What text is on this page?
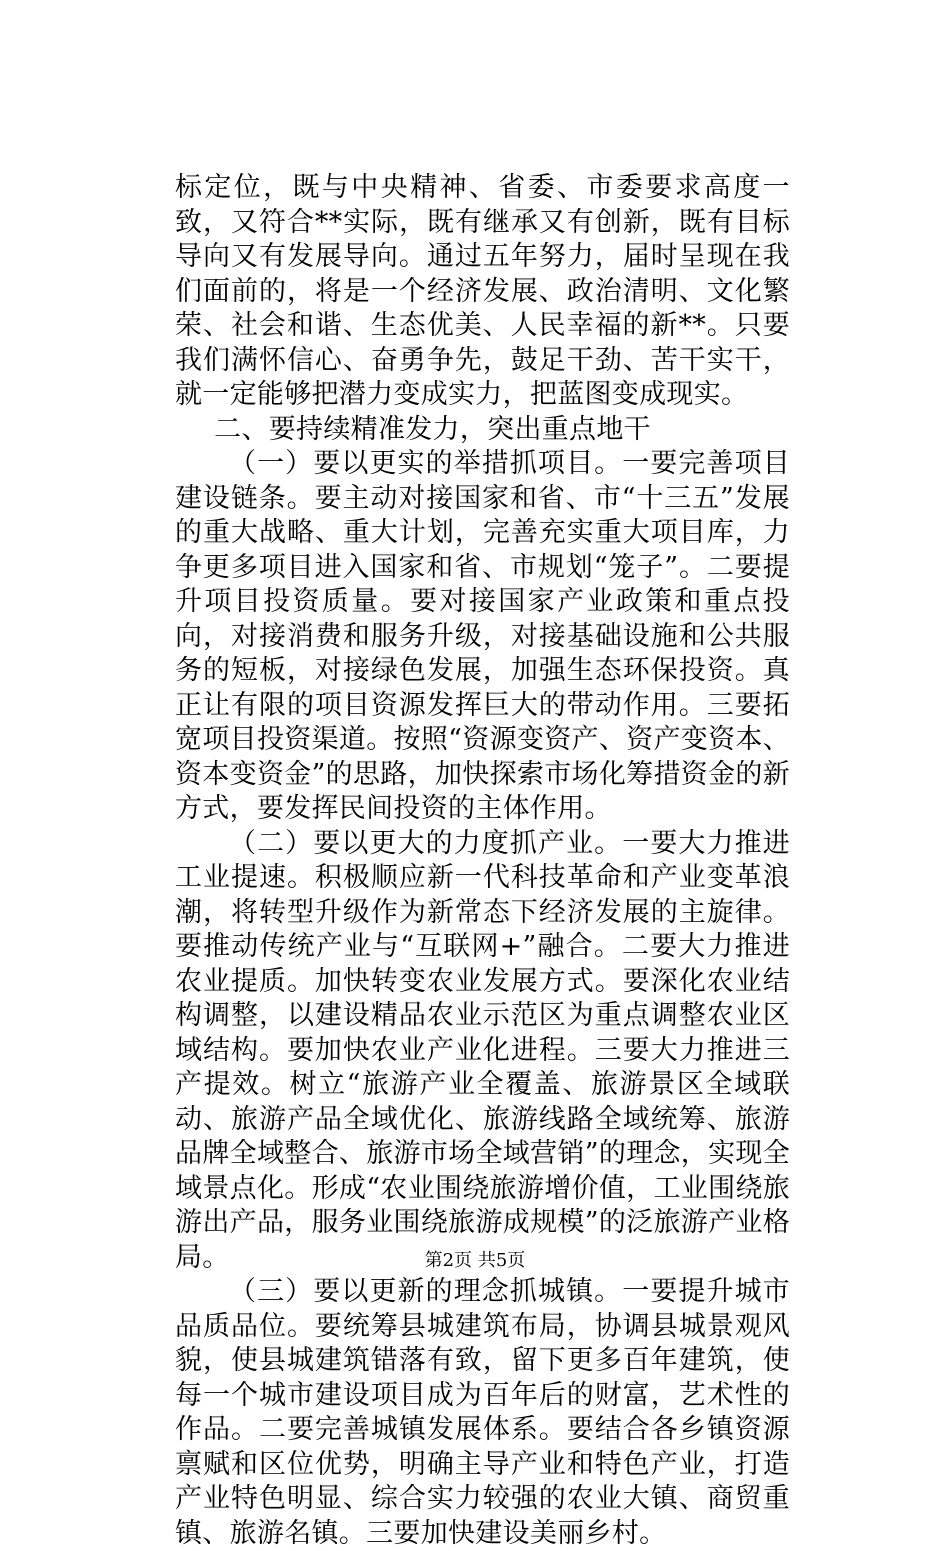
标定位，既与中央精神、省委、市委要求高度一致，又符合**实际，既有继承又有创新，既有目标导向又有发展导向。通过五年努力，届时呈现在我们面前的，将是一个经济发展、政治清明、文化繁荣、社会和谐、生态优美、人民幸福的新**。只要我们满怀信心、奋勇争先，鼓足干劲、苦干实干，就一定能够把潜力变成实力，把蓝图变成现实。

二、要持续精准发力，突出重点地干

（一）要以更实的举措抓项目。一要完善项目建设链条。要主动对接国家和省、市“十三五”发展的重大战略、重大计划，完善充实重大项目库，力争更多项目进入国家和省、市规划“笼子”。二要提升项目投资质量。要对接国家产业政策和重点投向，对接消费和服务升级，对接基础设施和公共服务的短板，对接绿色发展，加强生态环保投资。真正让有限的项目资源发挥巨大的带动作用。三要拓宽项目投资渠道。按照“资源变资产、资产变资本、资本变资金”的思路，加快探索市场化筹措资金的新方式，要发挥民间投资的主体作用。

（二）要以更大的力度抓产业。一要大力推进工业提速。积极顺应新一代科技革命和产业变革浪潮，将转型升级作为新常态下经济发展的主旋律。要推动传统产业与“互联网+”融合。二要大力推进农业提质。加快转变农业发展方式。要深化农业结构调整，以建设精品农业示范区为重点调整农业区域结构。要加快农业产业化进程。三要大力推进三产提效。树立“旅游产业全覆盖、旅游景区全域联动、旅游产品全域优化、旅游线路全域统筹、旅游品牌全域整合、旅游市场全域营销”的理念，实现全域景点化。形成“农业围绕旅游增价值，工业围绕旅游出产品，服务业围绕旅游成规模”的泛旅游产业格局。

（三）要以更新的理念抓城镇。一要提升城市品质品位。要统筹县城建筑布局，协调县城景观风貌，使县城建筑错落有致，留下更多百年建筑，使每一个城市建设项目成为百年后的财富，艺术性的作品。二要完善城镇发展体系。要结合各乡镇资源禀赋和区位优势，明确主导产业和特色产业，打造产业特色明显、综合实力较强的农业大镇、商贸重镇、旅游名镇。三要加快建设美丽乡村。

第2页 共5页
